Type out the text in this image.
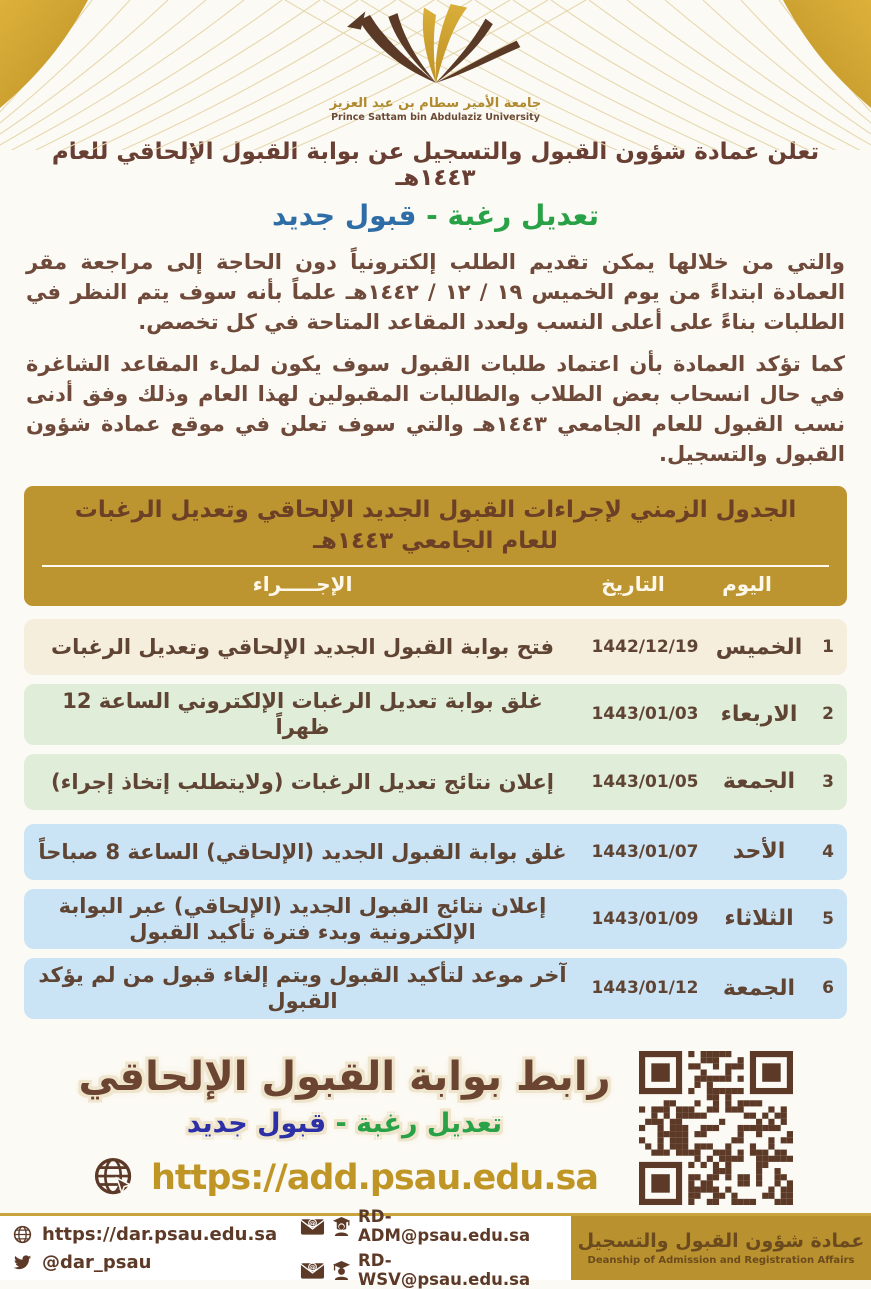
جامعة الأمير سطام بن عبد العزيز
Prince Sattam bin Abdulaziz University
تعلن عمادة شؤون القبول والتسجيل عن بوابة القبول الإلحاقي للعام ١٤٤٣هـ
تعديل رغبة - قبول جديد

والتي من خلالها يمكن تقديم الطلب إلكترونياً دون الحاجة إلى مراجعة مقر العمادة ابتداءً من يوم الخميس ١٩ / ١٢ / ١٤٤٢هـ علماً بأنه سوف يتم النظر في الطلبات بناءً على أعلى النسب ولعدد المقاعد المتاحة في كل تخصص.

كما تؤكد العمادة بأن اعتماد طلبات القبول سوف يكون لملء المقاعد الشاغرة في حال انسحاب بعض الطلاب والطالبات المقبولين لهذا العام وذلك وفق أدنى نسب القبول للعام الجامعي ١٤٤٣هـ والتي سوف تعلن في موقع عمادة شؤون القبول والتسجيل.

الجدول الزمني لإجراءات القبول الجديد الإلحاقي وتعديل الرغبات
للعام الجامعي ١٤٤٣هـ
اليوم
التاريخ
الإجـــــراء
1
الخميس
1442/12/19
فتح بوابة القبول الجديد الإلحاقي وتعديل الرغبات
2
الاربعاء
1443/01/03
غلق بوابة تعديل الرغبات الإلكتروني الساعة 12 ظهراً
3
الجمعة
1443/01/05
إعلان نتائج تعديل الرغبات (ولايتطلب إتخاذ إجراء)
4
الأحد
1443/01/07
غلق بوابة القبول الجديد (الإلحاقي) الساعة 8 صباحاً
5
الثلاثاء
1443/01/09
إعلان نتائج القبول الجديد (الإلحاقي) عبر البوابة الإلكترونية وبدء فترة تأكيد القبول
6
الجمعة
1443/01/12
آخر موعد لتأكيد القبول ويتم إلغاء قبول من لم يؤكد القبول
رابط بوابة القبول الإلحاقي
تعديل رغبة - قبول جديد
https://add.psau.edu.sa
https://dar.psau.edu.sa
@dar_psau
@	RD-ADM@psau.edu.sa
@	RD-WSV@psau.edu.sa
عمادة شؤون القبول والتسجيل
Deanship of Admission and Registration Affairs
